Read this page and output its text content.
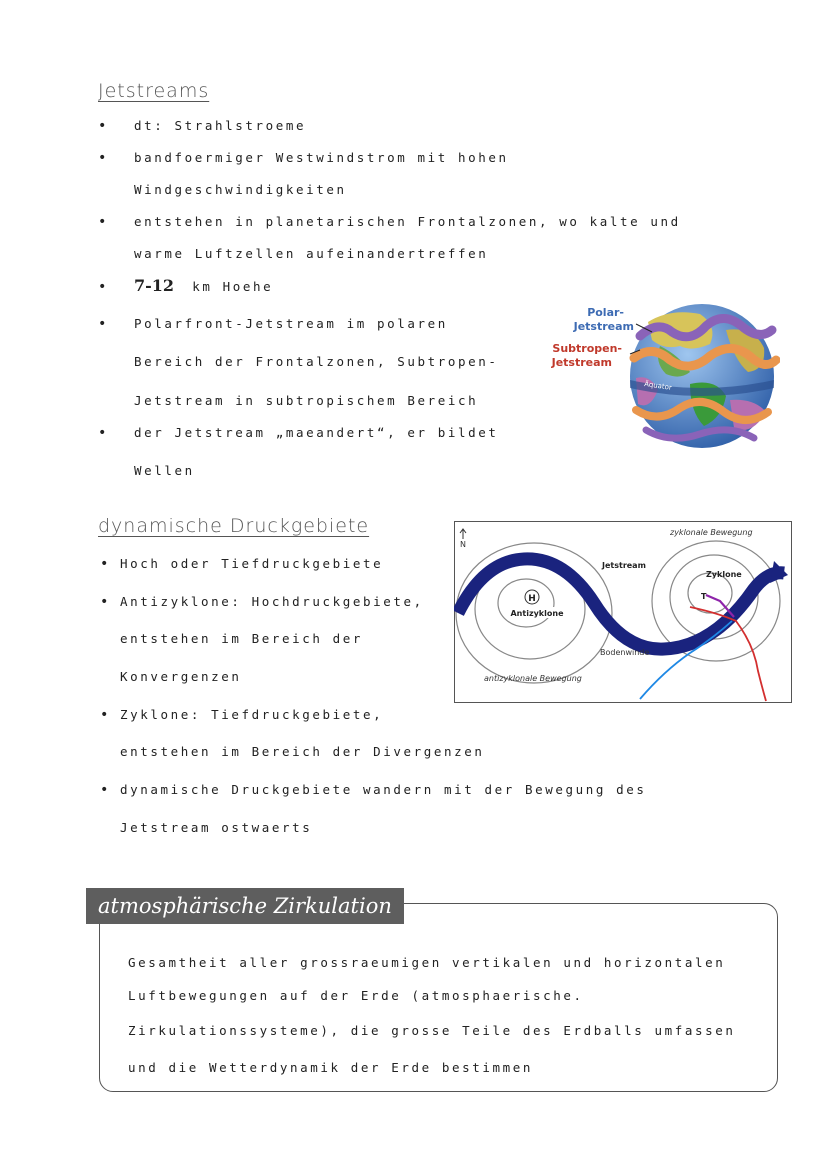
Jetstreams
• dt: Strahlstroeme
• bandfoermiger Westwindstrom mit hohen
Windgeschwindigkeiten
• entstehen in planetarischen Frontalzonen, wo kalte und
warme Luftzellen aufeinandertreffen
• 7-12 km Hoehe
• Polarfront-Jetstream im polaren
Bereich der Frontalzonen, Subtropen-
Jetstream in subtropischem Bereich
• der Jetstream „maeandert“, er bildet
Wellen
Äquator
Polar-
Jetstream
Subtropen-
Jetstream
dynamische Druckgebiete
• Hoch oder Tiefdruckgebiete
• Antizyklone: Hochdruckgebiete,
entstehen im Bereich der
Konvergenzen
• Zyklone: Tiefdruckgebiete,
entstehen im Bereich der Divergenzen
• dynamische Druckgebiete wandern mit der Bewegung des
Jetstream ostwaerts
N
H
Antizyklone
zyklonale Bewegung
Jetstream
Zyklone
T
Bodenwinde
antizyklonale Bewegung
atmosphärische Zirkulation
Gesamtheit aller grossraeumigen vertikalen und horizontalen
Luftbewegungen auf der Erde (atmosphaerische.
Zirkulationssysteme), die grosse Teile des Erdballs umfassen
und die Wetterdynamik der Erde bestimmen
